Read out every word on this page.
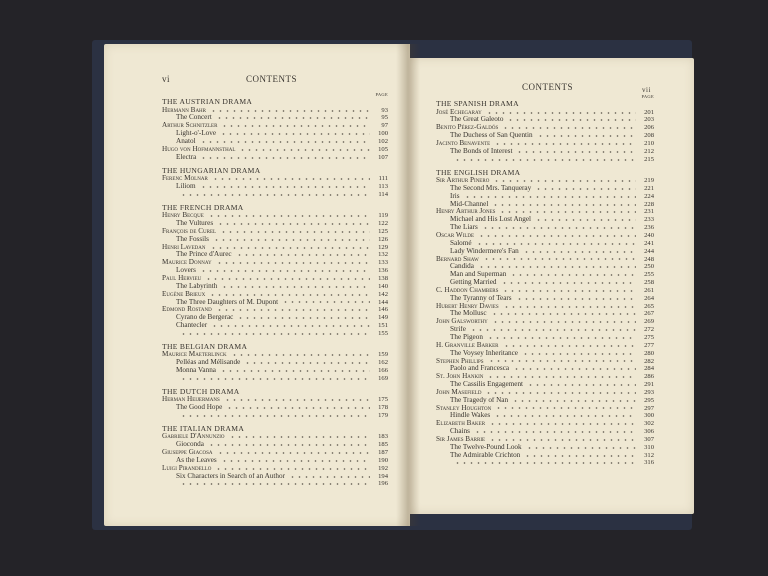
vi	CONTENTS
PAGE
THE AUSTRIAN DRAMA
Hermann Bahr	93
The Concert	95
Arthur Schnitzler	97
Light-o'-Love	100
Anatol	102
Hugo von Hofmannsthal	105
Electra	107
THE HUNGARIAN DRAMA
Ferenc Molnar	111
Liliom	113
114
THE FRENCH DRAMA
Henry Becque	119
The Vultures	122
François de Curel	125
The Fossils	126
Henri Lavedan	129
The Prince d'Aurec	132
Maurice Donnay	133
Lovers	136
Paul Hervieu	138
The Labyrinth	140
Eugène Brieux	142
The Three Daughters of M. Dupont	144
Edmond Rostand	146
Cyrano de Bergerac	149
Chantecler	151
155
THE BELGIAN DRAMA
Maurice Maeterlinck	159
Pelléas and Mélisande	162
Monna Vanna	166
169
THE DUTCH DRAMA
Herman Heijermans	175
The Good Hope	178
179
THE ITALIAN DRAMA
Gabriele D'Annunzio	183
Gioconda	185
Giuseppe Giacosa	187
As the Leaves	190
Luigi Pirandello	192
Six Characters in Search of an Author	194
196
CONTENTS	vii
PAGE
THE SPANISH DRAMA
José Echegaray	201
The Great Galeoto	203
Benito Pérez-Galdós	206
The Duchess of San Quentin	208
Jacinto Benavente	210
The Bonds of Interest	212
215
THE ENGLISH DRAMA
Sir Arthur Pinero	219
The Second Mrs. Tanqueray	221
Iris	224
Mid-Channel	228
Henry Arthur Jones	231
Michael and His Lost Angel	233
The Liars	236
Oscar Wilde	240
Salomé	241
Lady Windermere's Fan	244
Bernard Shaw	248
Candida	250
Man and Superman	255
Getting Married	258
C. Haddon Chambers	261
The Tyranny of Tears	264
Hubert Henry Davies	265
The Mollusc	267
John Galsworthy	269
Strife	272
The Pigeon	275
H. Granville Barker	277
The Voysey Inheritance	280
Stephen Phillips	282
Paolo and Francesca	284
St. John Hankin	286
The Cassilis Engagement	291
John Masefield	293
The Tragedy of Nan	295
Stanley Houghton	297
Hindle Wakes	300
Elizabeth Baker	302
Chains	306
Sir James Barrie	307
The Twelve-Pound Look	310
The Admirable Crichton	312
316
